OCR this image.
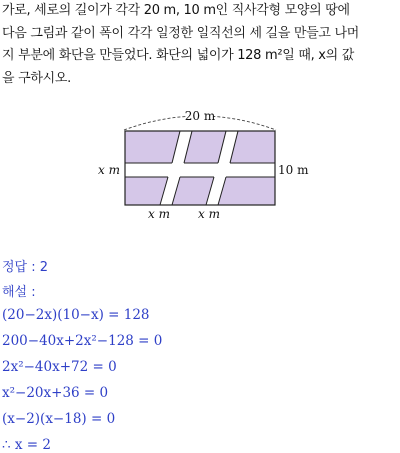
가로, 세로의 길이가 각각 20 m, 10 m인 직사각형 모양의 땅에
다음 그림과 같이 폭이 각각 일정한 일직선의 세 길을 만들고 나머
지 부분에 화단을 만들었다. 화단의 넓이가 128 m²일 때, x의 값
을 구하시오.
20 m
x m	10 m
x m x m
정답 : 2
해설 :
(20−2x)(10−x) = 128
200−40x+2x²−128 = 0
2x²−40x+72 = 0
x²−20x+36 = 0
(x−2)(x−18) = 0
∴ x = 2
